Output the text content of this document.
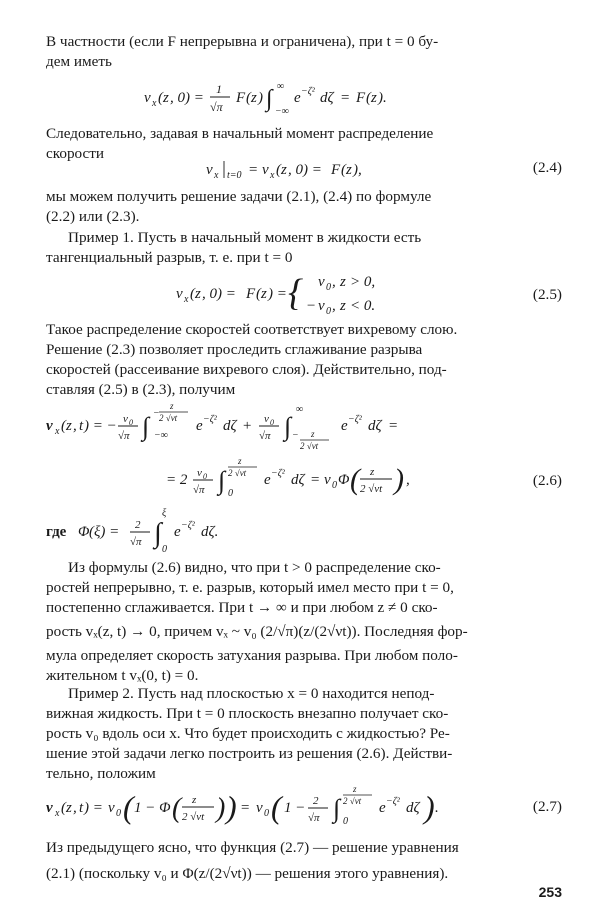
В частности (если F непрерывна и ограничена), при t = 0 бу-
дем иметь
v x ( z , 0) =
1
√π
F ( z ) ∫ ∞
−∞
e −ζ² dζ = F ( z ).
Следовательно, задавая в начальный момент распределение
скорости
v x t=0 = v x ( z , 0) = F ( z ),	(2.4)
мы можем получить решение задачи (2.1), (2.4) по формуле
(2.2) или (2.3).
Пример 1. Пусть в начальный момент в жидкости есть
тангенциальный разрыв, т. е. при t = 0
v x ( z , 0) = F ( z ) = { v 0 , z > 0,
− v 0 , z < 0.
(2.5)
Такое распределение скоростей соответствует вихревому слою.
Решение (2.3) позволяет проследить сглаживание разрыва
скоростей (рассеивание вихревого слоя). Действительно, под-
ставляя (2.5) в (2.3), получим
v x ( z , t ) = − v 0
√π ∫ −∞
−
z
2 √νt e −ζ² dζ + v 0
√π ∫
∞
− z
2 √νt
e −ζ² dζ =
= 2 v 0
√π ∫ 0
z
2 √νt e −ζ² dζ = v 0 Φ ( z
2 √νt ) ,	(2.6)
где Φ (ξ) = 2
√π ∫
ξ
0
e −ζ² dζ.
Из формулы (2.6) видно, что при t > 0 распределение ско-
ростей непрерывно, т. е. разрыв, который имел место при t = 0,
постепенно сглаживается. При t → ∞ и при любом z ≠ 0 ско-
рость vₓ(z, t) → 0, причем vₓ ~ v₀ (2/√π)(z/(2√νt)). Последняя фор-
мула определяет скорость затухания разрыва. При любом поло-
жительном t vₓ(0, t) = 0.
Пример 2. Пусть над плоскостью x = 0 находится непод-
вижная жидкость. При t = 0 плоскость внезапно получает ско-
рость v₀ вдоль оси x. Что будет происходить с жидкостью? Ре-
шение этой задачи легко построить из решения (2.6). Действи-
тельно, положим
v x ( z , t ) = v 0 ( 1 − Φ ( z
2 √νt ) ) = v 0 ( 1 − 2
√π ∫ 0
z
2 √νt e −ζ² dζ ) .	(2.7)
Из предыдущего ясно, что функция (2.7) — решение уравнения
(2.1) (поскольку v₀ и Φ(z/(2√νt)) — решения этого уравнения).
253
